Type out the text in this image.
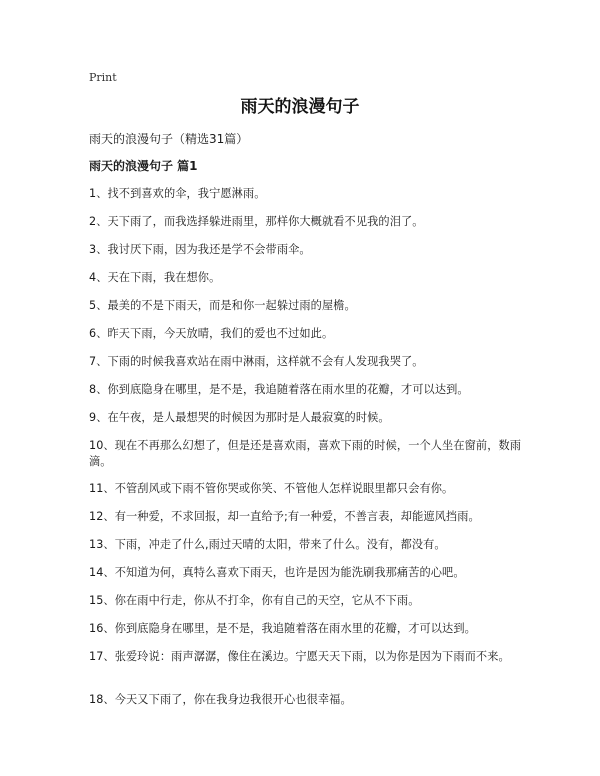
Print
雨天的浪漫句子
雨天的浪漫句子（精选31篇）
雨天的浪漫句子 篇1
1、找不到喜欢的伞，我宁愿淋雨。
2、天下雨了，而我选择躲进雨里，那样你大概就看不见我的泪了。
3、我讨厌下雨，因为我还是学不会带雨伞。
4、天在下雨，我在想你。
5、最美的不是下雨天，而是和你一起躲过雨的屋檐。
6、昨天下雨，今天放晴，我们的爱也不过如此。
7、下雨的时候我喜欢站在雨中淋雨，这样就不会有人发现我哭了。
8、你到底隐身在哪里，是不是，我追随着落在雨水里的花瓣，才可以达到。
9、在午夜，是人最想哭的时候因为那时是人最寂寞的时候。
10、现在不再那么幻想了，但是还是喜欢雨，喜欢下雨的时候，一个人坐在窗前，数雨滴。
11、不管刮风或下雨不管你哭或你笑、不管他人怎样说眼里都只会有你。
12、有一种爱，不求回报，却一直给予;有一种爱，不善言表，却能遮风挡雨。
13、下雨，冲走了什么,雨过天晴的太阳，带来了什么。没有，都没有。
14、不知道为何，真特么喜欢下雨天，也许是因为能洗刷我那痛苦的心吧。
15、你在雨中行走，你从不打伞，你有自己的天空，它从不下雨。
16、你到底隐身在哪里，是不是，我追随着落在雨水里的花瓣，才可以达到。
17、张爱玲说：雨声潺潺，像住在溪边。宁愿天天下雨，以为你是因为下雨而不来。
18、今天又下雨了，你在我身边我很开心也很幸福。
